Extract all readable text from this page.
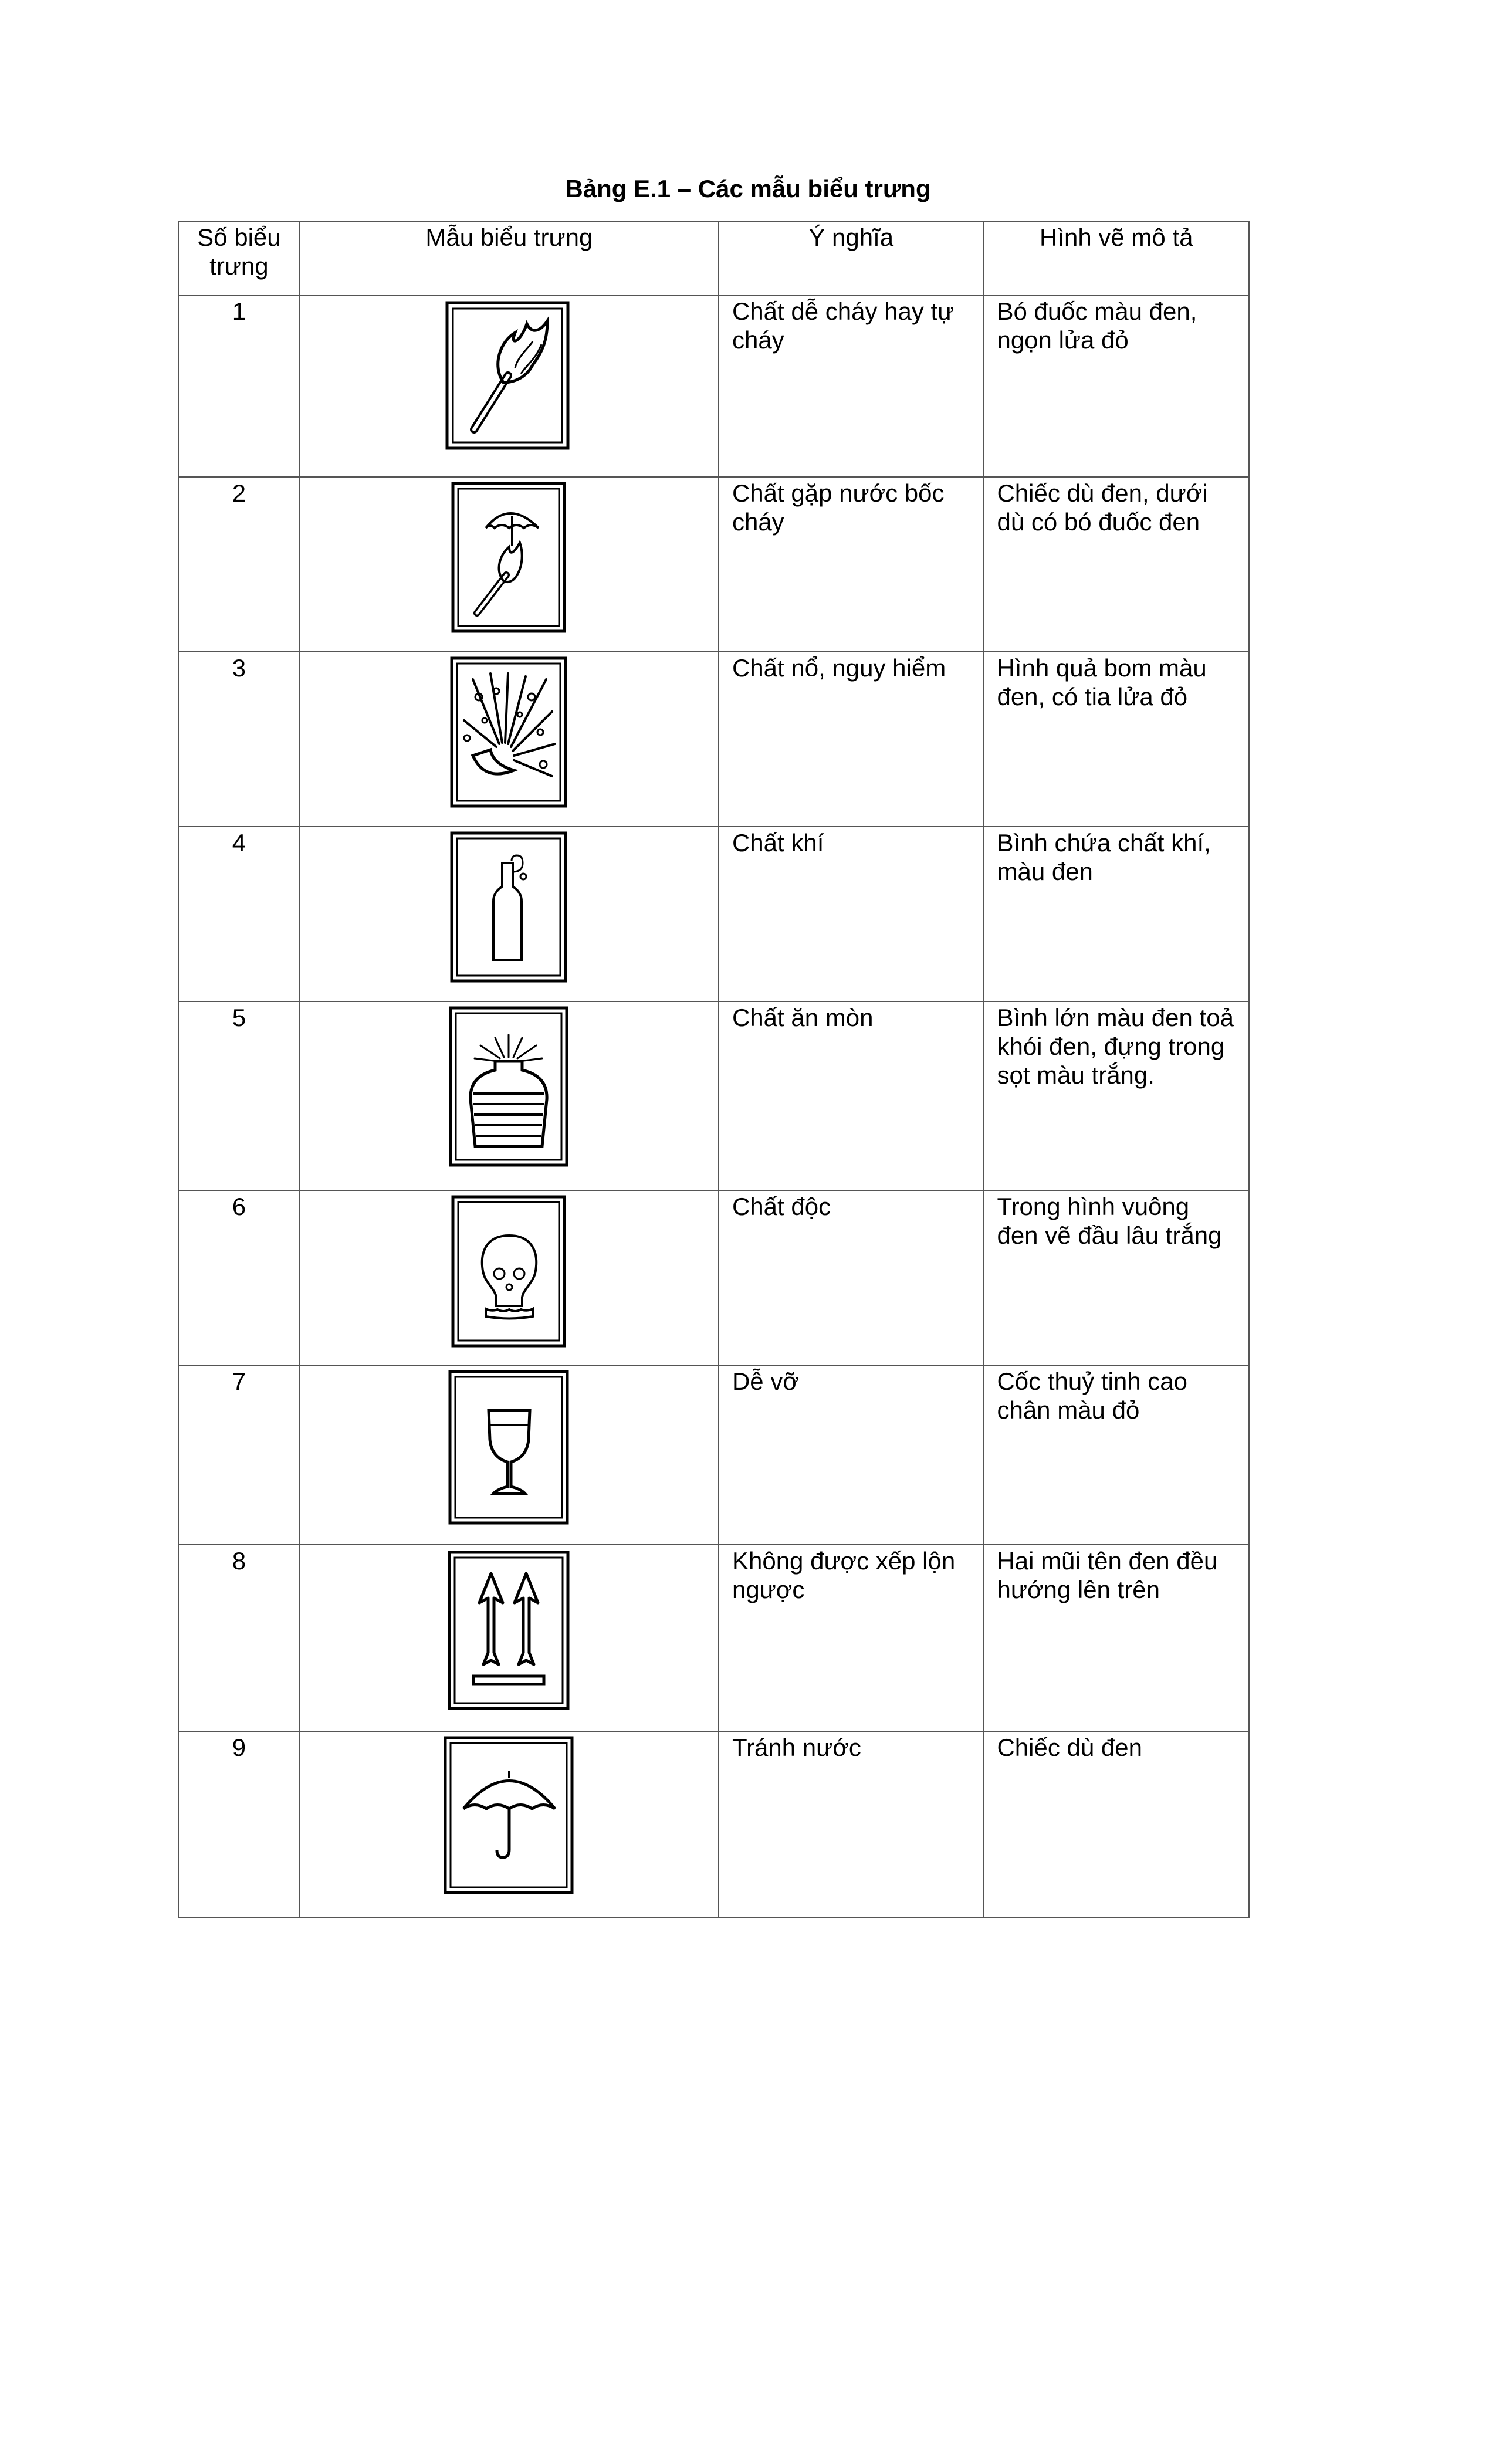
Bảng E.1 – Các mẫu biểu trưng
Số biểu trưng	Mẫu biểu trưng	Ý nghĩa	Hình vẽ mô tả
1		Chất dễ cháy hay tự cháy	Bó đuốc màu đen, ngọn lửa đỏ
2		Chất gặp nước bốc cháy	Chiếc dù đen, dưới dù có bó đuốc đen
3		Chất nổ, nguy hiểm	Hình quả bom màu đen, có tia lửa đỏ
4		Chất khí	Bình chứa chất khí, màu đen
5		Chất ăn mòn	Bình lớn màu đen toả khói đen, đựng trong sọt màu trắng.
6		Chất độc	Trong hình vuông đen vẽ đầu lâu trắng
7		Dễ vỡ	Cốc thuỷ tinh cao chân màu đỏ
8		Không được xếp lộn ngược	Hai mũi tên đen đều hướng lên trên
9		Tránh nước	Chiếc dù đen
